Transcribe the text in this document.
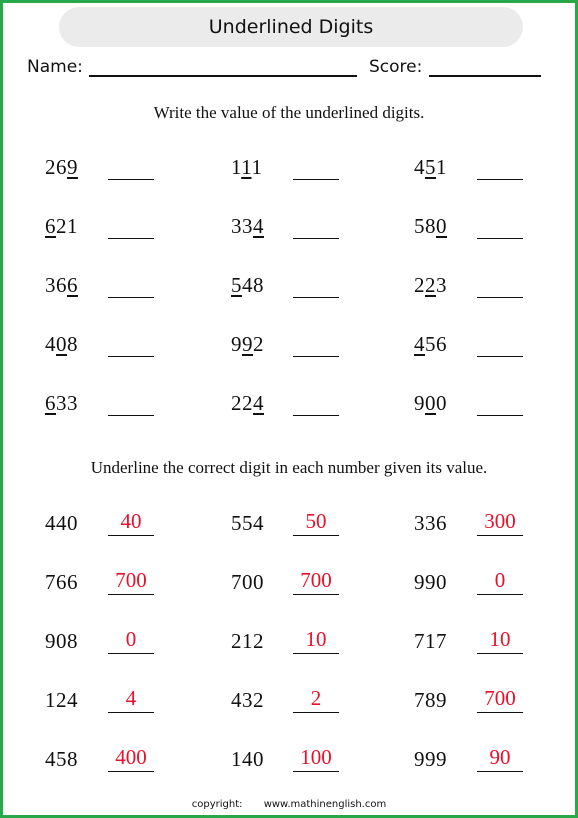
Underlined Digits
Name:	Score:
Write the value of the underlined digits.
269	111	451
621	334	580
366	548	223
408	992	456
633	224	900
Underline the correct digit in each number given its value.
440	40	554	50	336	300
766	700	700	700	990	0
908	0	212	10	717	10
124	4	432	2	789	700
458	400	140	100	999	90
copyright: www.mathinenglish.com
